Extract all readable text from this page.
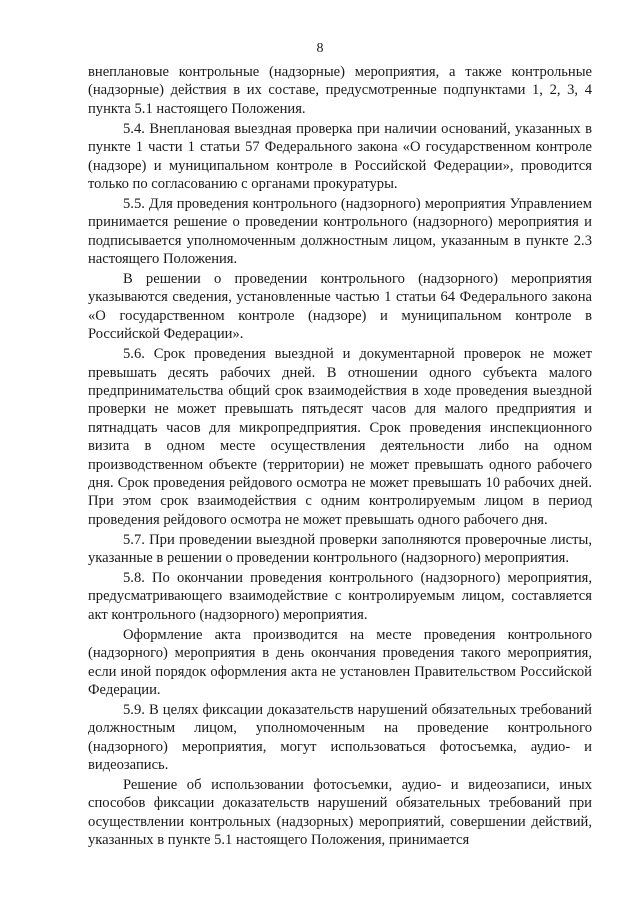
8

внеплановые контрольные (надзорные) мероприятия, а также контрольные (надзорные) действия в их составе, предусмотренные подпунктами 1, 2, 3, 4 пункта 5.1 настоящего Положения.

5.4. Внеплановая выездная проверка при наличии оснований, указанных в пункте 1 части 1 статьи 57 Федерального закона «О государственном контроле (надзоре) и муниципальном контроле в Российской Федерации», проводится только по согласованию с органами прокуратуры.

5.5. Для проведения контрольного (надзорного) мероприятия Управлением принимается решение о проведении контрольного (надзорного) мероприятия и подписывается уполномоченным должностным лицом, указанным в пункте 2.3 настоящего Положения.

В решении о проведении контрольного (надзорного) мероприятия указываются сведения, установленные частью 1 статьи 64 Федерального закона «О государственном контроле (надзоре) и муниципальном контроле в Российской Федерации».

5.6. Срок проведения выездной и документарной проверок не может превышать десять рабочих дней. В отношении одного субъекта малого предпринимательства общий срок взаимодействия в ходе проведения выездной проверки не может превышать пятьдесят часов для малого предприятия и пятнадцать часов для микропредприятия. Срок проведения инспекционного визита в одном месте осуществления деятельности либо на одном производственном объекте (территории) не может превышать одного рабочего дня. Срок проведения рейдового осмотра не может превышать 10 рабочих дней. При этом срок взаимодействия с одним контролируемым лицом в период проведения рейдового осмотра не может превышать одного рабочего дня.

5.7. При проведении выездной проверки заполняются проверочные листы, указанные в решении о проведении контрольного (надзорного) мероприятия.

5.8. По окончании проведения контрольного (надзорного) мероприятия, предусматривающего взаимодействие с контролируемым лицом, составляется акт контрольного (надзорного) мероприятия.

Оформление акта производится на месте проведения контрольного (надзорного) мероприятия в день окончания проведения такого мероприятия, если иной порядок оформления акта не установлен Правительством Российской Федерации.

5.9. В целях фиксации доказательств нарушений обязательных требований должностным лицом, уполномоченным на проведение контрольного (надзорного) мероприятия, могут использоваться фотосъемка, аудио- и видеозапись.

Решение об использовании фотосъемки, аудио- и видеозаписи, иных способов фиксации доказательств нарушений обязательных требований при осуществлении контрольных (надзорных) мероприятий, совершении действий, указанных в пункте 5.1 настоящего Положения, принимается
